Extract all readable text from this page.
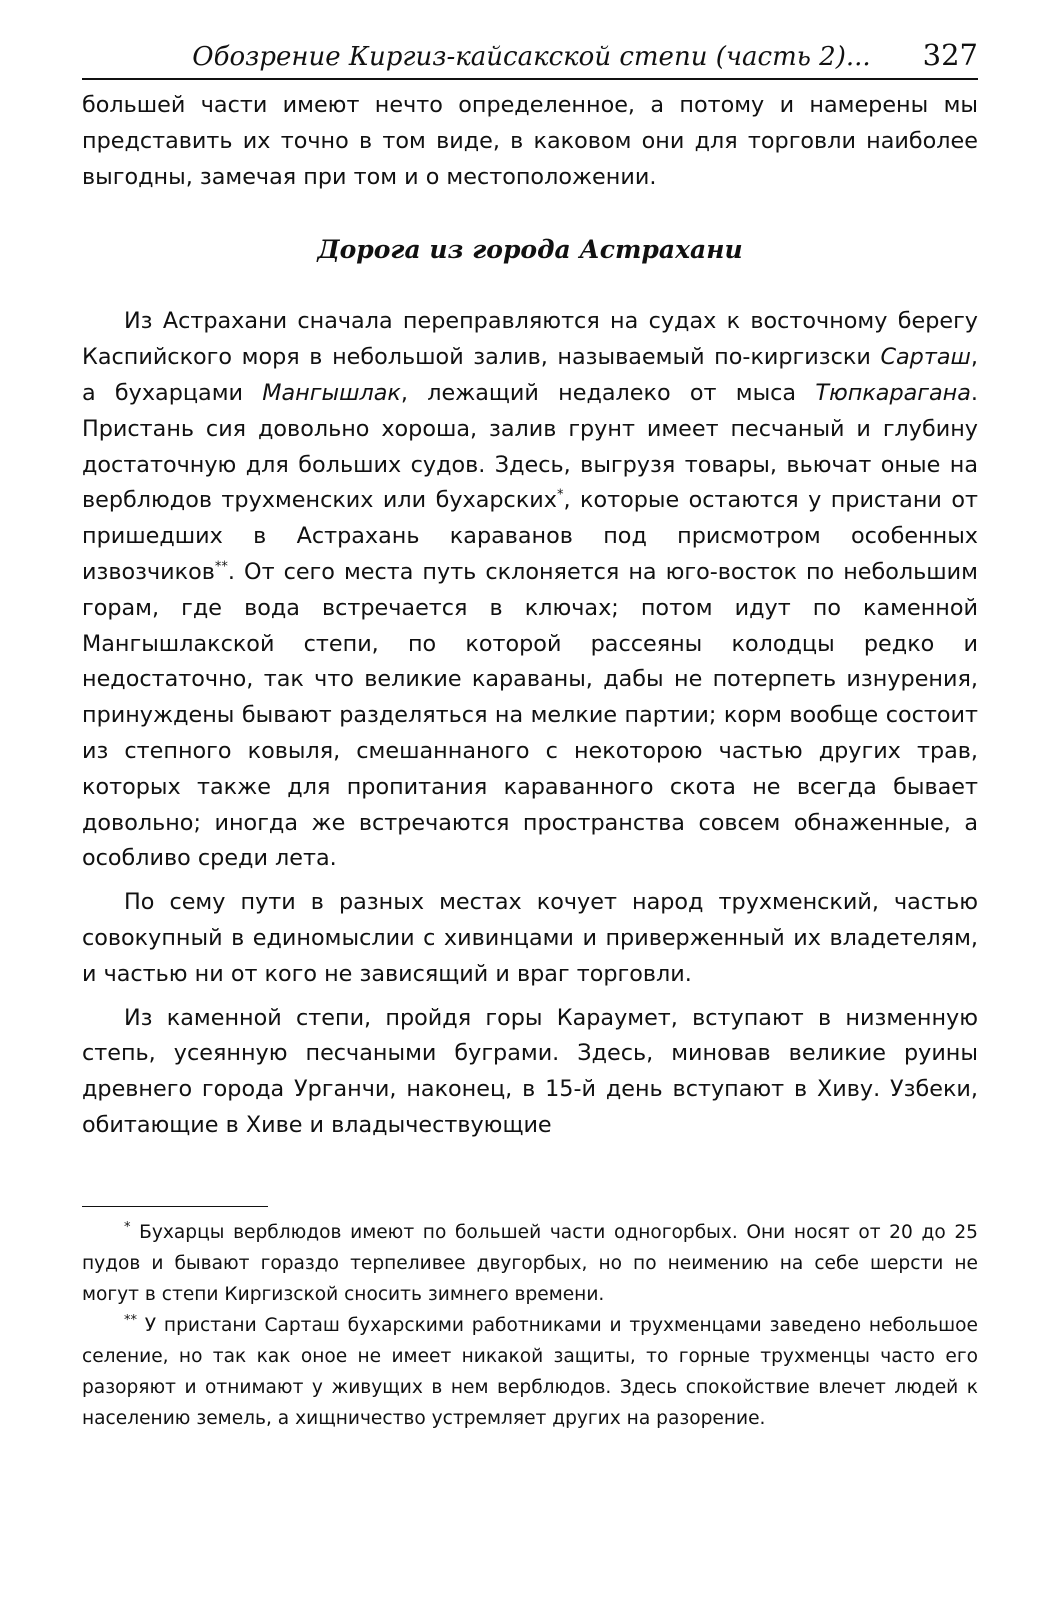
Обозрение Киргиз-кайсакской степи (часть 2)... 327

большей части имеют нечто определенное, а потому и намерены мы представить их точно в том виде, в каковом они для торговли наиболее выгодны, замечая при том и о местоположении.

Дорога из города Астрахани

Из Астрахани сначала переправляются на судах к восточному берегу Каспийского моря в небольшой залив, называемый по-киргизски Сарташ, а бухарцами Мангышлак, лежащий недалеко от мыса Тюпкараганa. Пристань сия довольно хороша, залив грунт имеет песчаный и глубину достаточную для больших судов. Здесь, выгрузя товары, вьючат оные на верблюдов трухменских или бухарских*, которые остаются у пристани от пришедших в Астрахань караванов под присмотром особенных извозчиков**. От сего места путь склоняется на юго-восток по небольшим горам, где вода встречается в ключах; потом идут по каменной Мангышлакской степи, по которой рассеяны колодцы редко и недостаточно, так что великие караваны, дабы не потерпеть изнурения, принуждены бывают разделяться на мелкие партии; корм вообще состоит из степного ковыля, смешаннаного с некоторою частью других трав, которых также для пропитания караванного скота не всегда бывает довольно; иногда же встречаются пространства совсем обнаженные, а особливо среди лета.

По сему пути в разных местах кочует народ трухменский, частью совокупный в единомыслии с хивинцами и приверженный их владетелям, и частью ни от кого не зависящий и враг торговли.

Из каменной степи, пройдя горы Караумет, вступают в низменную степь, усеянную песчаными буграми. Здесь, миновав великие руины древнего города Урганчи, наконец, в 15-й день вступают в Хиву. Узбеки, обитающие в Хиве и владычествующие

* Бухарцы верблюдов имеют по большей части одногорбых. Они носят от 20 до 25 пудов и бывают гораздо терпеливее двугорбых, но по неимению на себе шерсти не могут в степи Киргизской сносить зимнего времени.

** У пристани Сарташ бухарскими работниками и трухменцами заведено небольшое селение, но так как оное не имеет никакой защиты, то горные трухменцы часто его разоряют и отнимают у живущих в нем верблюдов. Здесь спокойствие влечет людей к населению земель, а хищничество устремляет других на разорение.
